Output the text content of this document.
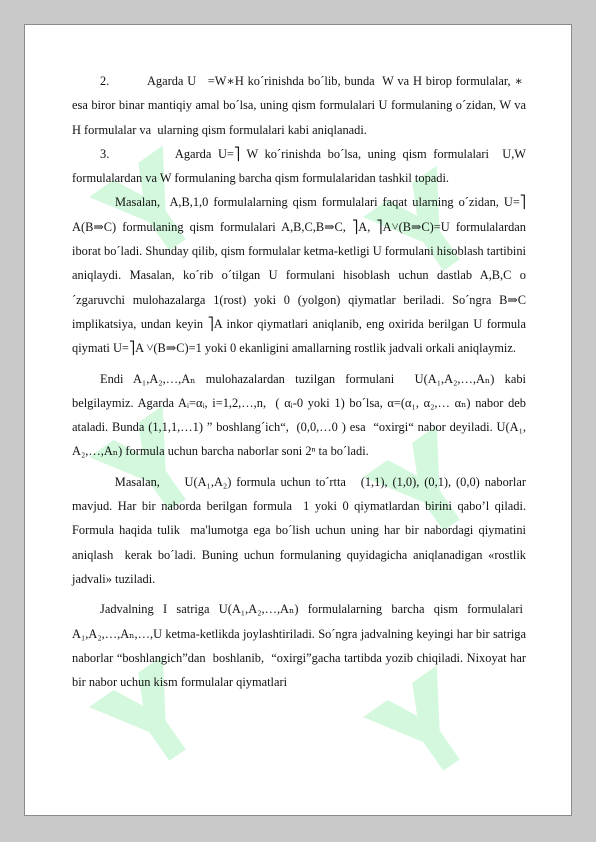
2.          Agarda U   =W∗H ko´rinishda bo´lib, bunda  W va H birop formulalar, ∗  esa biror binar mantiqiy amal bo´lsa, uning qism formulalari U formulaning o´zidan, W va H formulalar va  ularning qism formulalari kabi aniqlanadi.

3.          Agarda U=⎤ W ko´rinishda bo´lsa, uning qism formulalari  U,W formulalardan va W formulaning barcha qism formulalaridan tashkil topadi.

Masalan,  A,B,1,0 formulalarning qism formulalari faqat ularning o´zidan, U=⎤ A(B⇒C) formulaning qism formulalari A,B,C,B⇒C, ⎤A, ⎤A˅(B⇒C)=U formulalardan iborat bo´ladi. Shunday qilib, qism formulalar ketma-ketligi U formulani hisoblash tartibini aniqlaydi. Masalan, ko´rib o´tilgan U formulani hisoblash uchun dastlab A,B,C o´zgaruvchi mulohazalarga 1(rost) yoki 0 (yolgon) qiymatlar beriladi. So´ngra B⇒C implikatsiya, undan keyin ⎤A inkor qiymatlari aniqlanib, eng oxirida berilgan U formula qiymati U=⎤A ˅(B⇒C)=1 yoki 0 ekanligini amallarning rostlik jadvali orkali aniqlaymiz.

Endi A₁,A₂,…,Aₙ mulohazalardan tuzilgan formulani  U(A₁,A₂,…,Aₙ) kabi belgilaymiz. Agarda Aᵢ=αᵢ, i=1,2,…,n,  ( αᵢ-0 yoki 1) bo´lsa, α=(α₁, α₂,… αₙ) nabor deb ataladi. Bunda (1,1,1,…1) ” boshlang´ich“,  (0,0,…0 ) esa  “oxirgi“ nabor deyiladi. U(A₁, A₂,…,Aₙ) formula uchun barcha naborlar soni 2ⁿ ta bo´ladi.

Masalan,     U(A₁,A₂) formula uchun to´rtta   (1,1), (1,0), (0,1), (0,0) naborlar mavjud. Har bir naborda berilgan formula  1 yoki 0 qiymatlardan birini qabo’l qiladi. Formula haqida tulik  ma'lumotga ega bo´lish uchun uning har bir nabordagi qiymatini aniqlash  kerak bo´ladi. Buning uchun formulaning quyidagicha aniqlanadigan «rostlik jadvali» tuziladi.

Jadvalning I satriga U(A₁,A₂,…,Aₙ) formulalarning barcha qism formulalari  A₁,A₂,…,Aₙ,…,U ketma-ketlikda joylashtiriladi. So´ngra jadvalning keyingi har bir satriga naborlar “boshlangich”dan  boshlanib,  “oxirgi”gacha tartibda yozib chiqiladi. Nixoyat har bir nabor uchun kism formulalar qiymatlari
